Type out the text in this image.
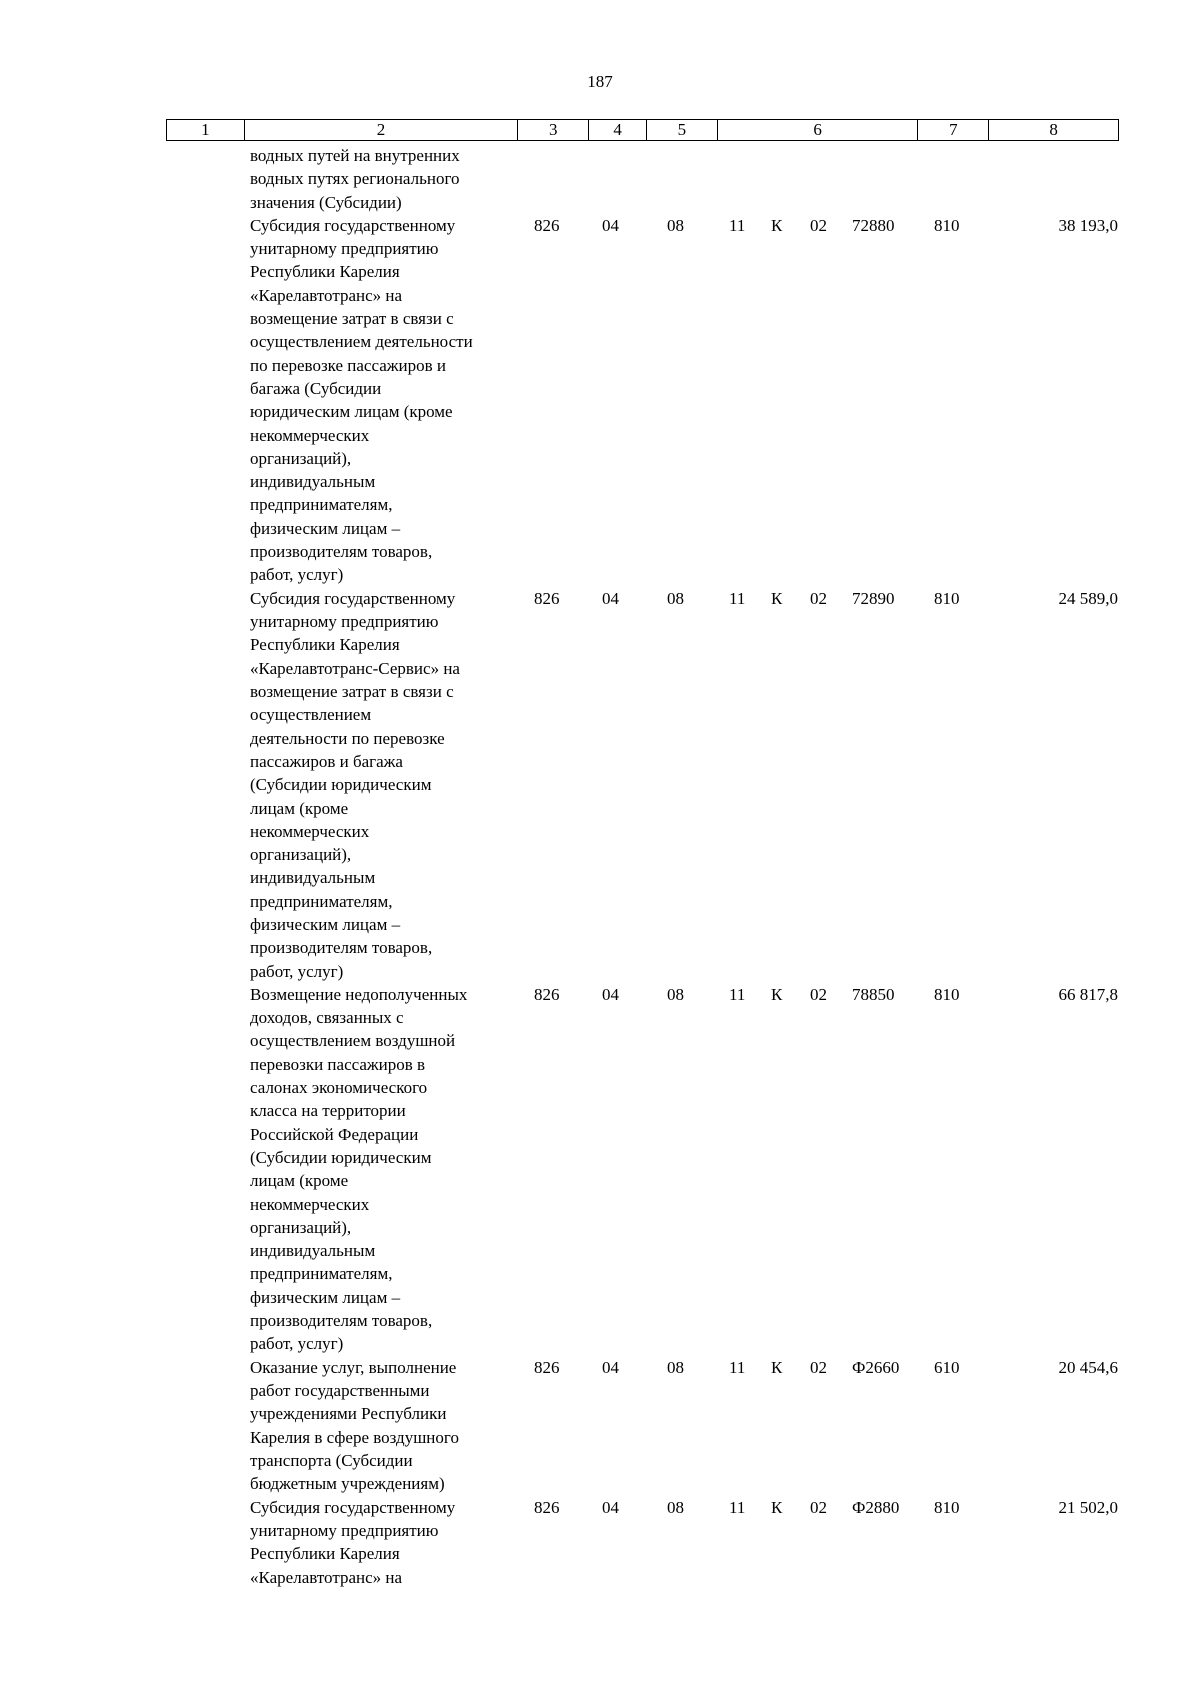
187
1	2	3	4	5	6	7	8
водных путей на внутренних
водных путях регионального
значения (Субсидии)
Субсидия государственному
унитарному предприятию
Республики Карелия
«Карелавтотранс» на
возмещение затрат в связи с
осуществлением деятельности
по перевозке пассажиров и
багажа (Субсидии
юридическим лицам (кроме
некоммерческих
организаций),
индивидуальным
предпринимателям,
физическим лицам –
производителям товаров,
работ, услуг)
826	04	08	11 К 02 72880 810	38 193,0
Субсидия государственному
унитарному предприятию
Республики Карелия
«Карелавтотранс-Сервис» на
возмещение затрат в связи с
осуществлением
деятельности по перевозке
пассажиров и багажа
(Субсидии юридическим
лицам (кроме
некоммерческих
организаций),
индивидуальным
предпринимателям,
физическим лицам –
производителям товаров,
работ, услуг)
826	04	08	11 К 02 72890 810	24 589,0
Возмещение недополученных
доходов, связанных с
осуществлением воздушной
перевозки пассажиров в
салонах экономического
класса на территории
Российской Федерации
(Субсидии юридическим
лицам (кроме
некоммерческих
организаций),
индивидуальным
предпринимателям,
физическим лицам –
производителям товаров,
работ, услуг)
826	04	08	11 К 02 78850 810	66 817,8
Оказание услуг, выполнение
работ государственными
учреждениями Республики
Карелия в сфере воздушного
транспорта (Субсидии
бюджетным учреждениям)
826	04	08	11 К 02 Ф2660 610	20 454,6
Субсидия государственному
унитарному предприятию
Республики Карелия
«Карелавтотранс» на
826	04	08	11 К 02 Ф2880 810	21 502,0
